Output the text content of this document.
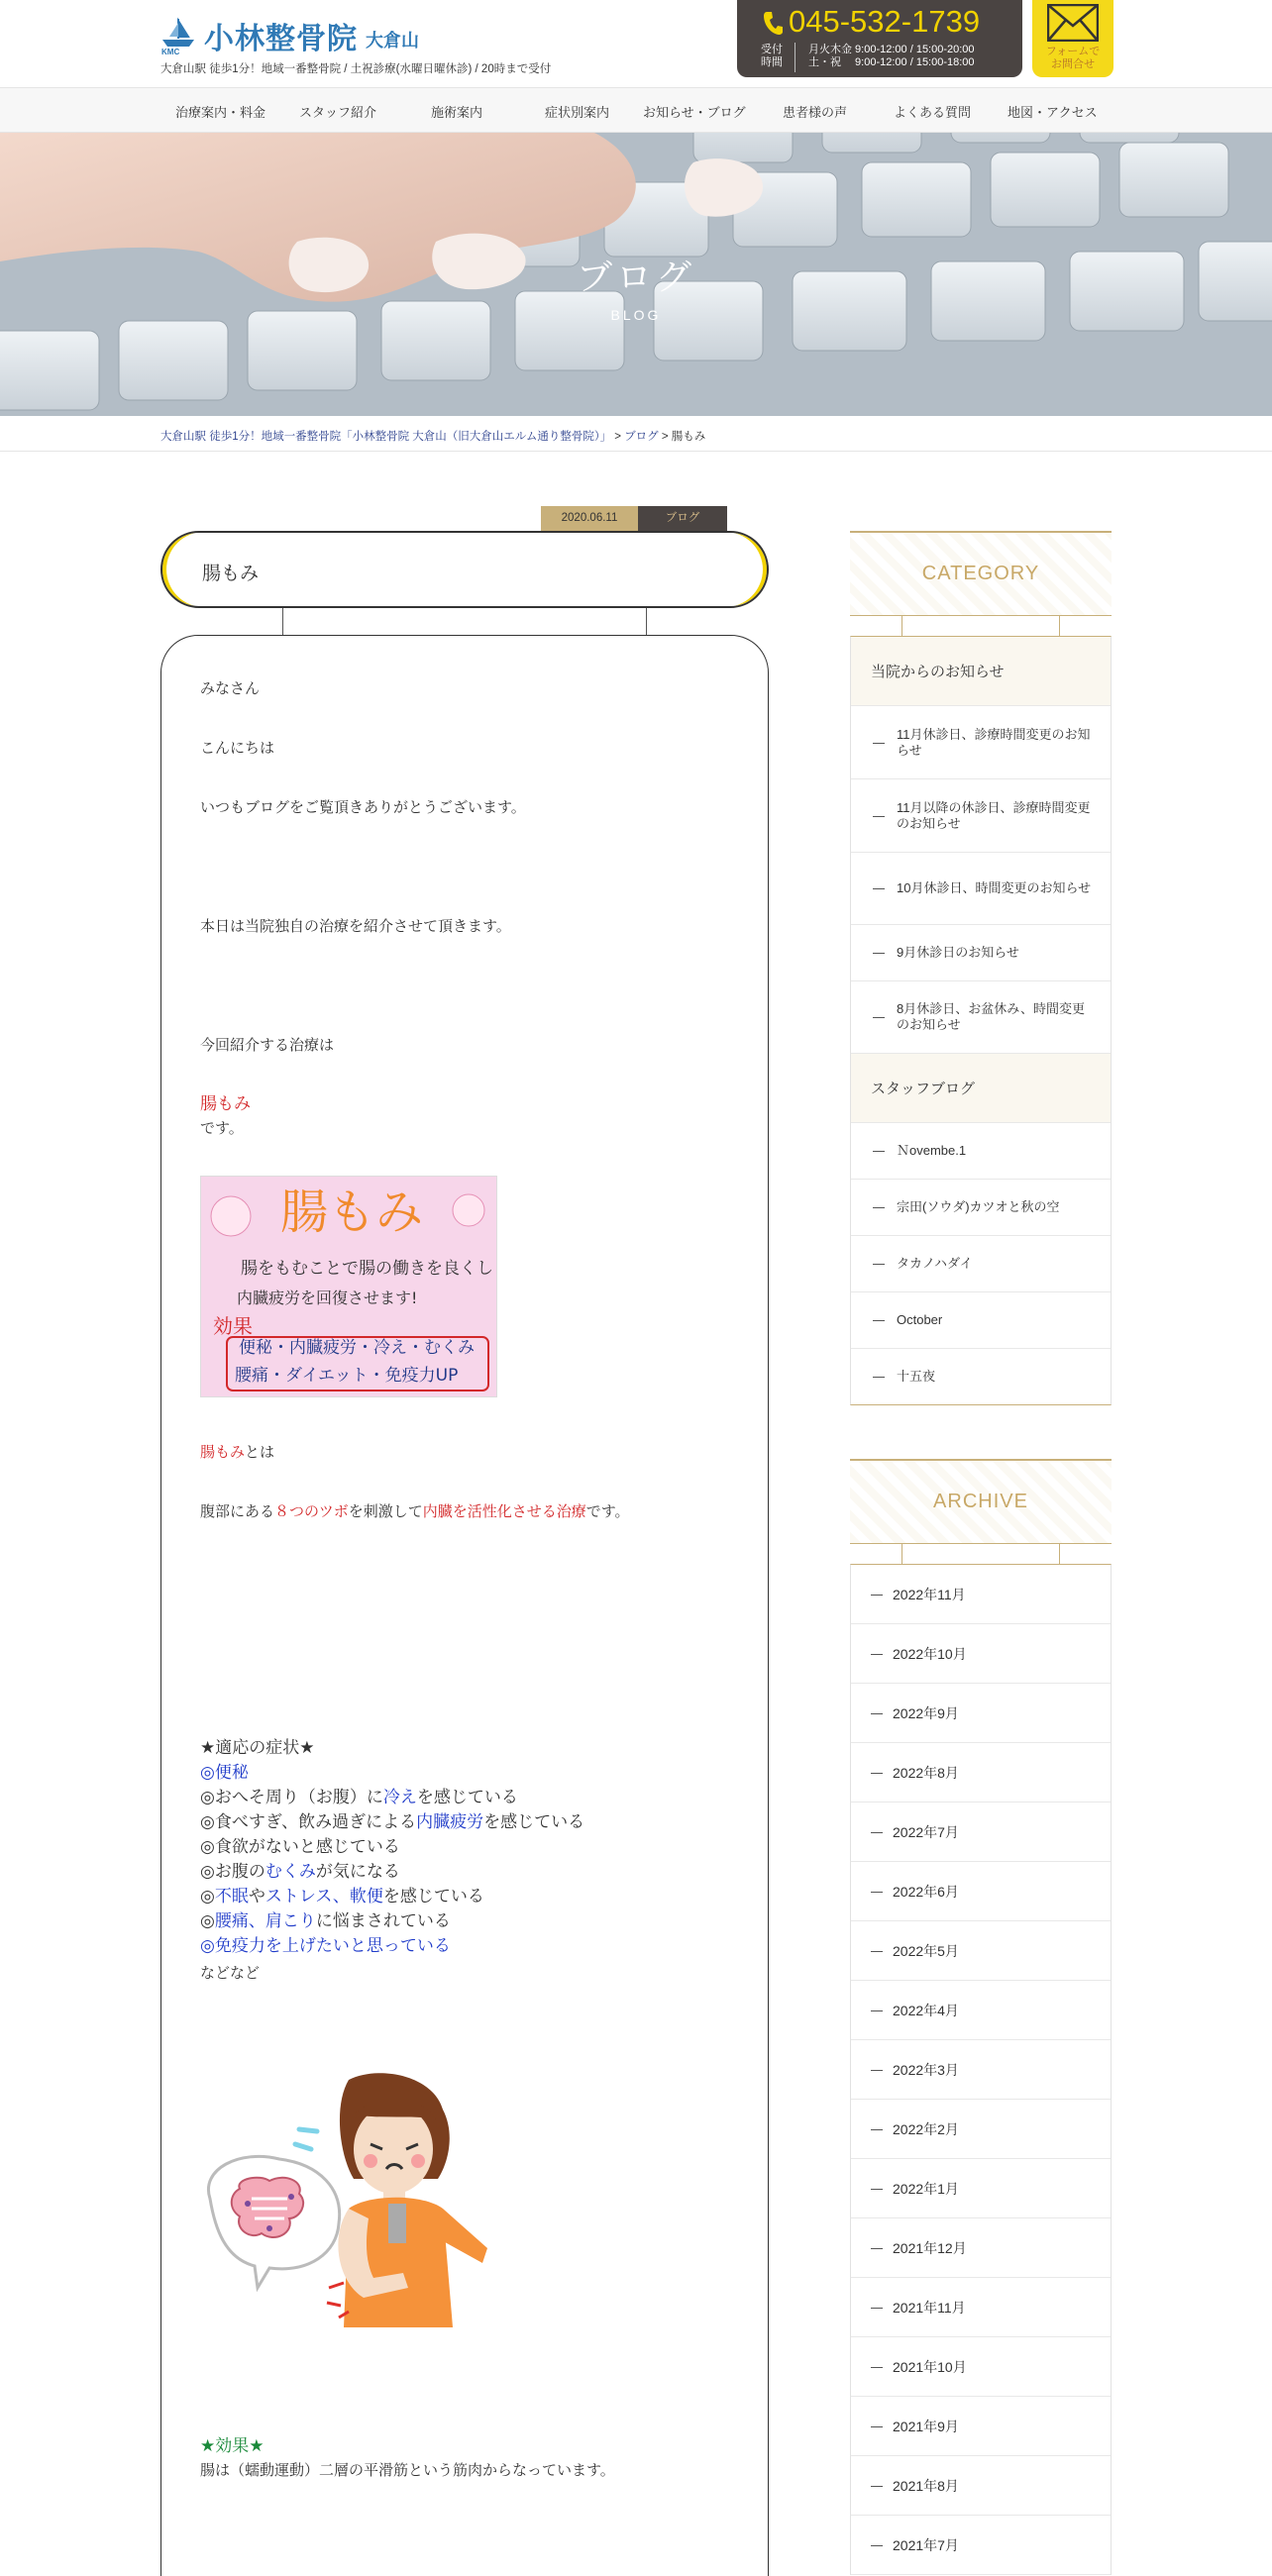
KMC 小林整骨院 大倉山
大倉山駅 徒歩1分！地域一番整骨院 / 土祝診療(水曜日曜休診) / 20時まで受付
045-532-1739
受付
時間
月火木金 9:00-12:00 / 15:00-20:00
土・祝　 9:00-12:00 / 15:00-18:00
フォームで
お問合せ
治療案内・料金	スタッフ紹介	施術案内	症状別案内	お知らせ・ブログ	患者様の声	よくある質問	地図・アクセス
ブログ
BLOG
大倉山駅 徒歩1分！地域一番整骨院「小林整骨院 大倉山（旧大倉山エルム通り整骨院）」 > ブログ > 腸もみ
2020.06.11	ブログ
腸もみ
みなさん
こんにちは
いつもブログをご覧頂きありがとうございます。
本日は当院独自の治療を紹介させて頂きます。
今回紹介する治療は
腸もみ
です。
腸もみ
腸をもむことで腸の働きを良くし
内臓疲労を回復させます!
効果
便秘・内臓疲労・冷え・むくみ
腰痛・ダイエット・免疫力UP
腸もみとは
腹部にある８つのツボを刺激して内臓を活性化させる治療です。
★適応の症状★
◎便秘
◎おへそ周り（お腹）に冷えを感じている
◎食べすぎ、飲み過ぎによる内臓疲労を感じている
◎食欲がないと感じている
◎お腹のむくみが気になる
◎不眠やストレス、軟便を感じている
◎腰痛、肩こりに悩まされている
◎免疫力を上げたいと思っている
などなど
★効果★
腸は（蠕動運動）二層の平滑筋という筋肉からなっています。
CATEGORY
当院からのお知らせ
11月休診日、診療時間変更のお知らせ
11月以降の休診日、診療時間変更のお知らせ
10月休診日、時間変更のお知らせ
9月休診日のお知らせ
8月休診日、お盆休み、時間変更のお知らせ
スタッフブログ
Ｎovembe.1
宗田(ソウダ)カツオと秋の空
タカノハダイ
October
十五夜
ARCHIVE
2022年11月
2022年10月
2022年9月
2022年8月
2022年7月
2022年6月
2022年5月
2022年4月
2022年3月
2022年2月
2022年1月
2021年12月
2021年11月
2021年10月
2021年9月
2021年8月
2021年7月
